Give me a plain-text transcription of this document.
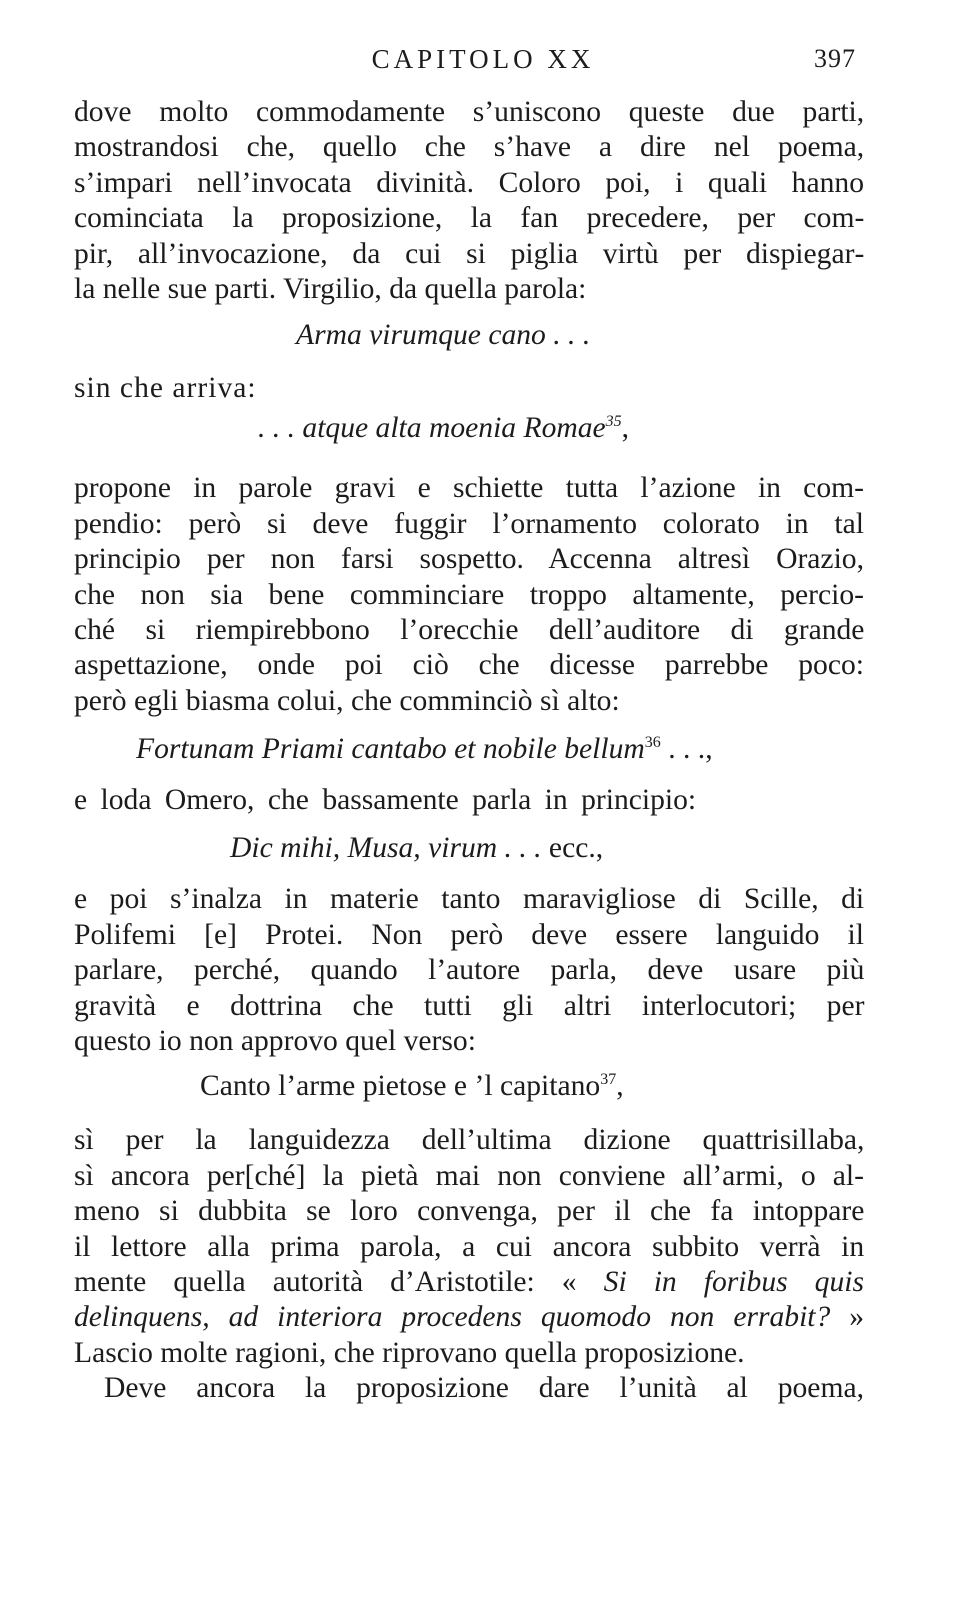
CAPITOLO XX	397
dove molto commodamente s’uniscono queste due parti,
mostrandosi che, quello che s’have a dire nel poema,
s’impari nell’invocata divinità. Coloro poi, i quali hanno
cominciata la proposizione, la fan precedere, per com‑
pir, all’invocazione, da cui si piglia virtù per dispiegar‑
la nelle sue parti. Virgilio, da quella parola:
Arma virumque cano . . .
sin che arriva:
. . . atque alta moenia Romae$^{35}$,
propone in parole gravi e schiette tutta l’azione in com‑
pendio: però si deve fuggir l’ornamento colorato in tal
principio per non farsi sospetto. Accenna altresì Orazio,
che non sia bene comminciare troppo altamente, percio‑
ché si riempirebbono l’orecchie dell’auditore di grande
aspettazione, onde poi ciò che dicesse parrebbe poco:
però egli biasma colui, che comminciò sì alto:
Fortunam Priami cantabo et nobile bellum$^{36}$ . . .,
e loda Omero, che bassamente parla in principio:
Dic mihi, Musa, virum . . . ecc.,
e poi s’inalza in materie tanto maravigliose di Scille, di
Polifemi [e] Protei. Non però deve essere languido il
parlare, perché, quando l’autore parla, deve usare più
gravità e dottrina che tutti gli altri interlocutori; per
questo io non approvo quel verso:
Canto l’arme pietose e ’l capitano$^{37}$,
sì per la languidezza dell’ultima dizione quattrisillaba,
sì ancora per[ché] la pietà mai non conviene all’armi, o al‑
meno si dubbita se loro convenga, per il che fa intoppare
il lettore alla prima parola, a cui ancora subbito verrà in
mente quella autorità d’Aristotile: « Si in foribus quis
delinquens, ad interiora procedens quomodo non errabit? »
Lascio molte ragioni, che riprovano quella proposizione.
Deve ancora la proposizione dare l’unità al poema,
